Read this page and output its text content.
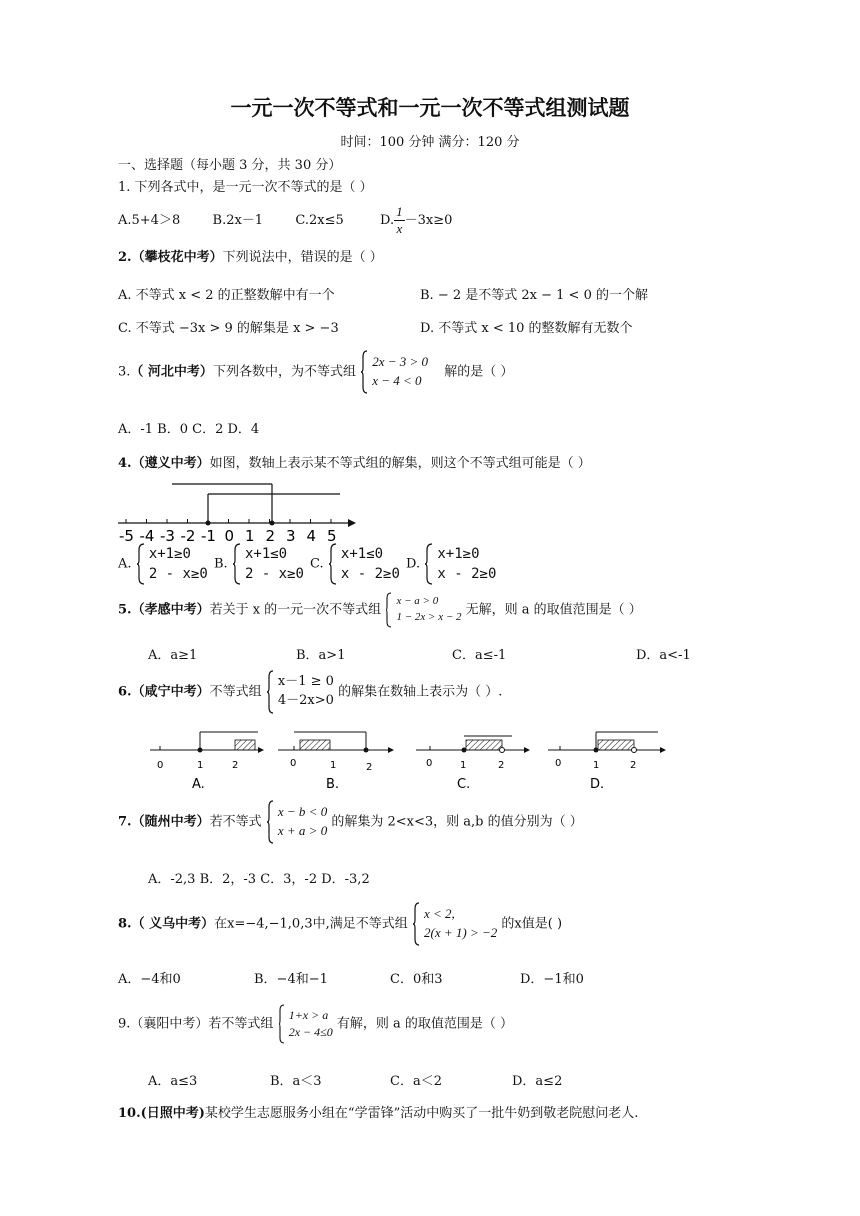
一元一次不等式和一元一次不等式组测试题
时间：100 分钟 满分：120 分
一、选择题（每小题 3 分，共 30 分）
1. 下列各式中，是一元一次不等式的是（ ）
A.5+4＞8 B.2x－1 C.2x≤5	D. $\frac{1}{x} -3x\ge 0$
2.（攀枝花中考）下列说法中，错误的是（ ）
A. 不等式 x < 2 的正整数解中有一个	B. − 2 是不等式 2x − 1 < 0 的一个解
C. 不等式 −3x > 9 的解集是 x > −3	D. 不等式 x < 10 的整数解有无数个
3.（ 河北中考）下列各数中，为不等式组  2x − 3 > 0
x − 4 < 0 解的是（ ）
A．-1 B．0 C．2 D．4
4.（遵义中考）如图，数轴上表示某不等式组的解集，则这个不等式组可能是（ ）
-5 -4 -3 -2 -1 0 1 2 3 4 5
A.  x+1≥0
2 - x≥0
B.  x+1≤0
2 - x≥0
C.  x+1≤0
x - 2≥0
D.  x+1≥0
x - 2≥0
5.（孝感中考）若关于 x 的一元一次不等式组  x − a > 0
1 − 2x > x − 2 无解，则 a 的取值范围是（ ）
A．a≥1	B．a>1	C．a≤-1	D．a<-1
6.（咸宁中考）不等式组  x－1 ≥ 0
4－2x>0 的解集在数轴上表示为（ ）.
0	1	2
A.
0	1	2
B.
0	1	2
C.
0	1	2
D.
7.（随州中考）若不等式  x − b < 0
x + a > 0 的解集为 2<x<3，则 a,b 的值分别为（ ）
A．-2,3 B．2，-3 C．3，-2 D．-3,2
8.（ 义乌中考）在x=−4,−1,0,3中,满足不等式组  x < 2,
2(x + 1) > −2 的x值是( )
A．−4和0	B．−4和−1	C．0和3	D．−1和0
9.（襄阳中考）若不等式组  1+x > a
2x − 4≤0 有解，则 a 的取值范围是（ ）
A．a≤3	B．a＜3	C．a＜2	D．a≤2
10.(日照中考)某校学生志愿服务小组在“学雷锋”活动中购买了一批牛奶到敬老院慰问老人.
